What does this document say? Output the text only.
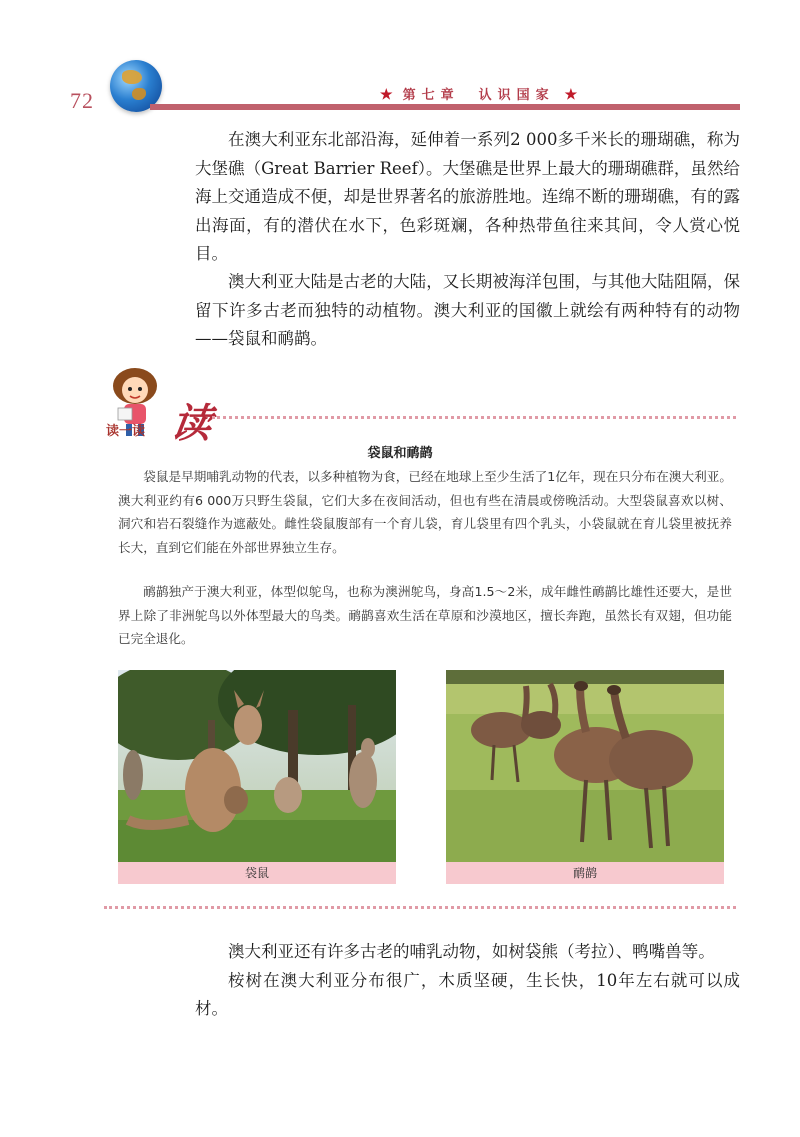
72	★ 第七章　认识国家 ★

在澳大利亚东北部沿海，延伸着一系列2 000多千米长的珊瑚礁，称为大堡礁（Great Barrier Reef）。大堡礁是世界上最大的珊瑚礁群，虽然给海上交通造成不便，却是世界著名的旅游胜地。连绵不断的珊瑚礁，有的露出海面，有的潜伏在水下，色彩斑斓，各种热带鱼往来其间，令人赏心悦目。

澳大利亚大陆是古老的大陆，又长期被海洋包围，与其他大陆阻隔，保留下许多古老而独特的动植物。澳大利亚的国徽上就绘有两种特有的动物——袋鼠和鸸鹋。

读一读 读
袋鼠和鸸鹋

袋鼠是早期哺乳动物的代表，以多种植物为食，已经在地球上至少生活了1亿年，现在只分布在澳大利亚。澳大利亚约有6 000万只野生袋鼠，它们大多在夜间活动，但也有些在清晨或傍晚活动。大型袋鼠喜欢以树、洞穴和岩石裂缝作为遮蔽处。雌性袋鼠腹部有一个育儿袋，育儿袋里有四个乳头，小袋鼠就在育儿袋里被抚养长大，直到它们能在外部世界独立生存。

鸸鹋独产于澳大利亚，体型似鸵鸟，也称为澳洲鸵鸟，身高1.5～2米，成年雌性鸸鹋比雄性还要大，是世界上除了非洲鸵鸟以外体型最大的鸟类。鸸鹋喜欢生活在草原和沙漠地区，擅长奔跑，虽然长有双翅，但功能已完全退化。

袋鼠	鸸鹋

澳大利亚还有许多古老的哺乳动物，如树袋熊（考拉）、鸭嘴兽等。

桉树在澳大利亚分布很广，木质坚硬，生长快，10年左右就可以成材。
